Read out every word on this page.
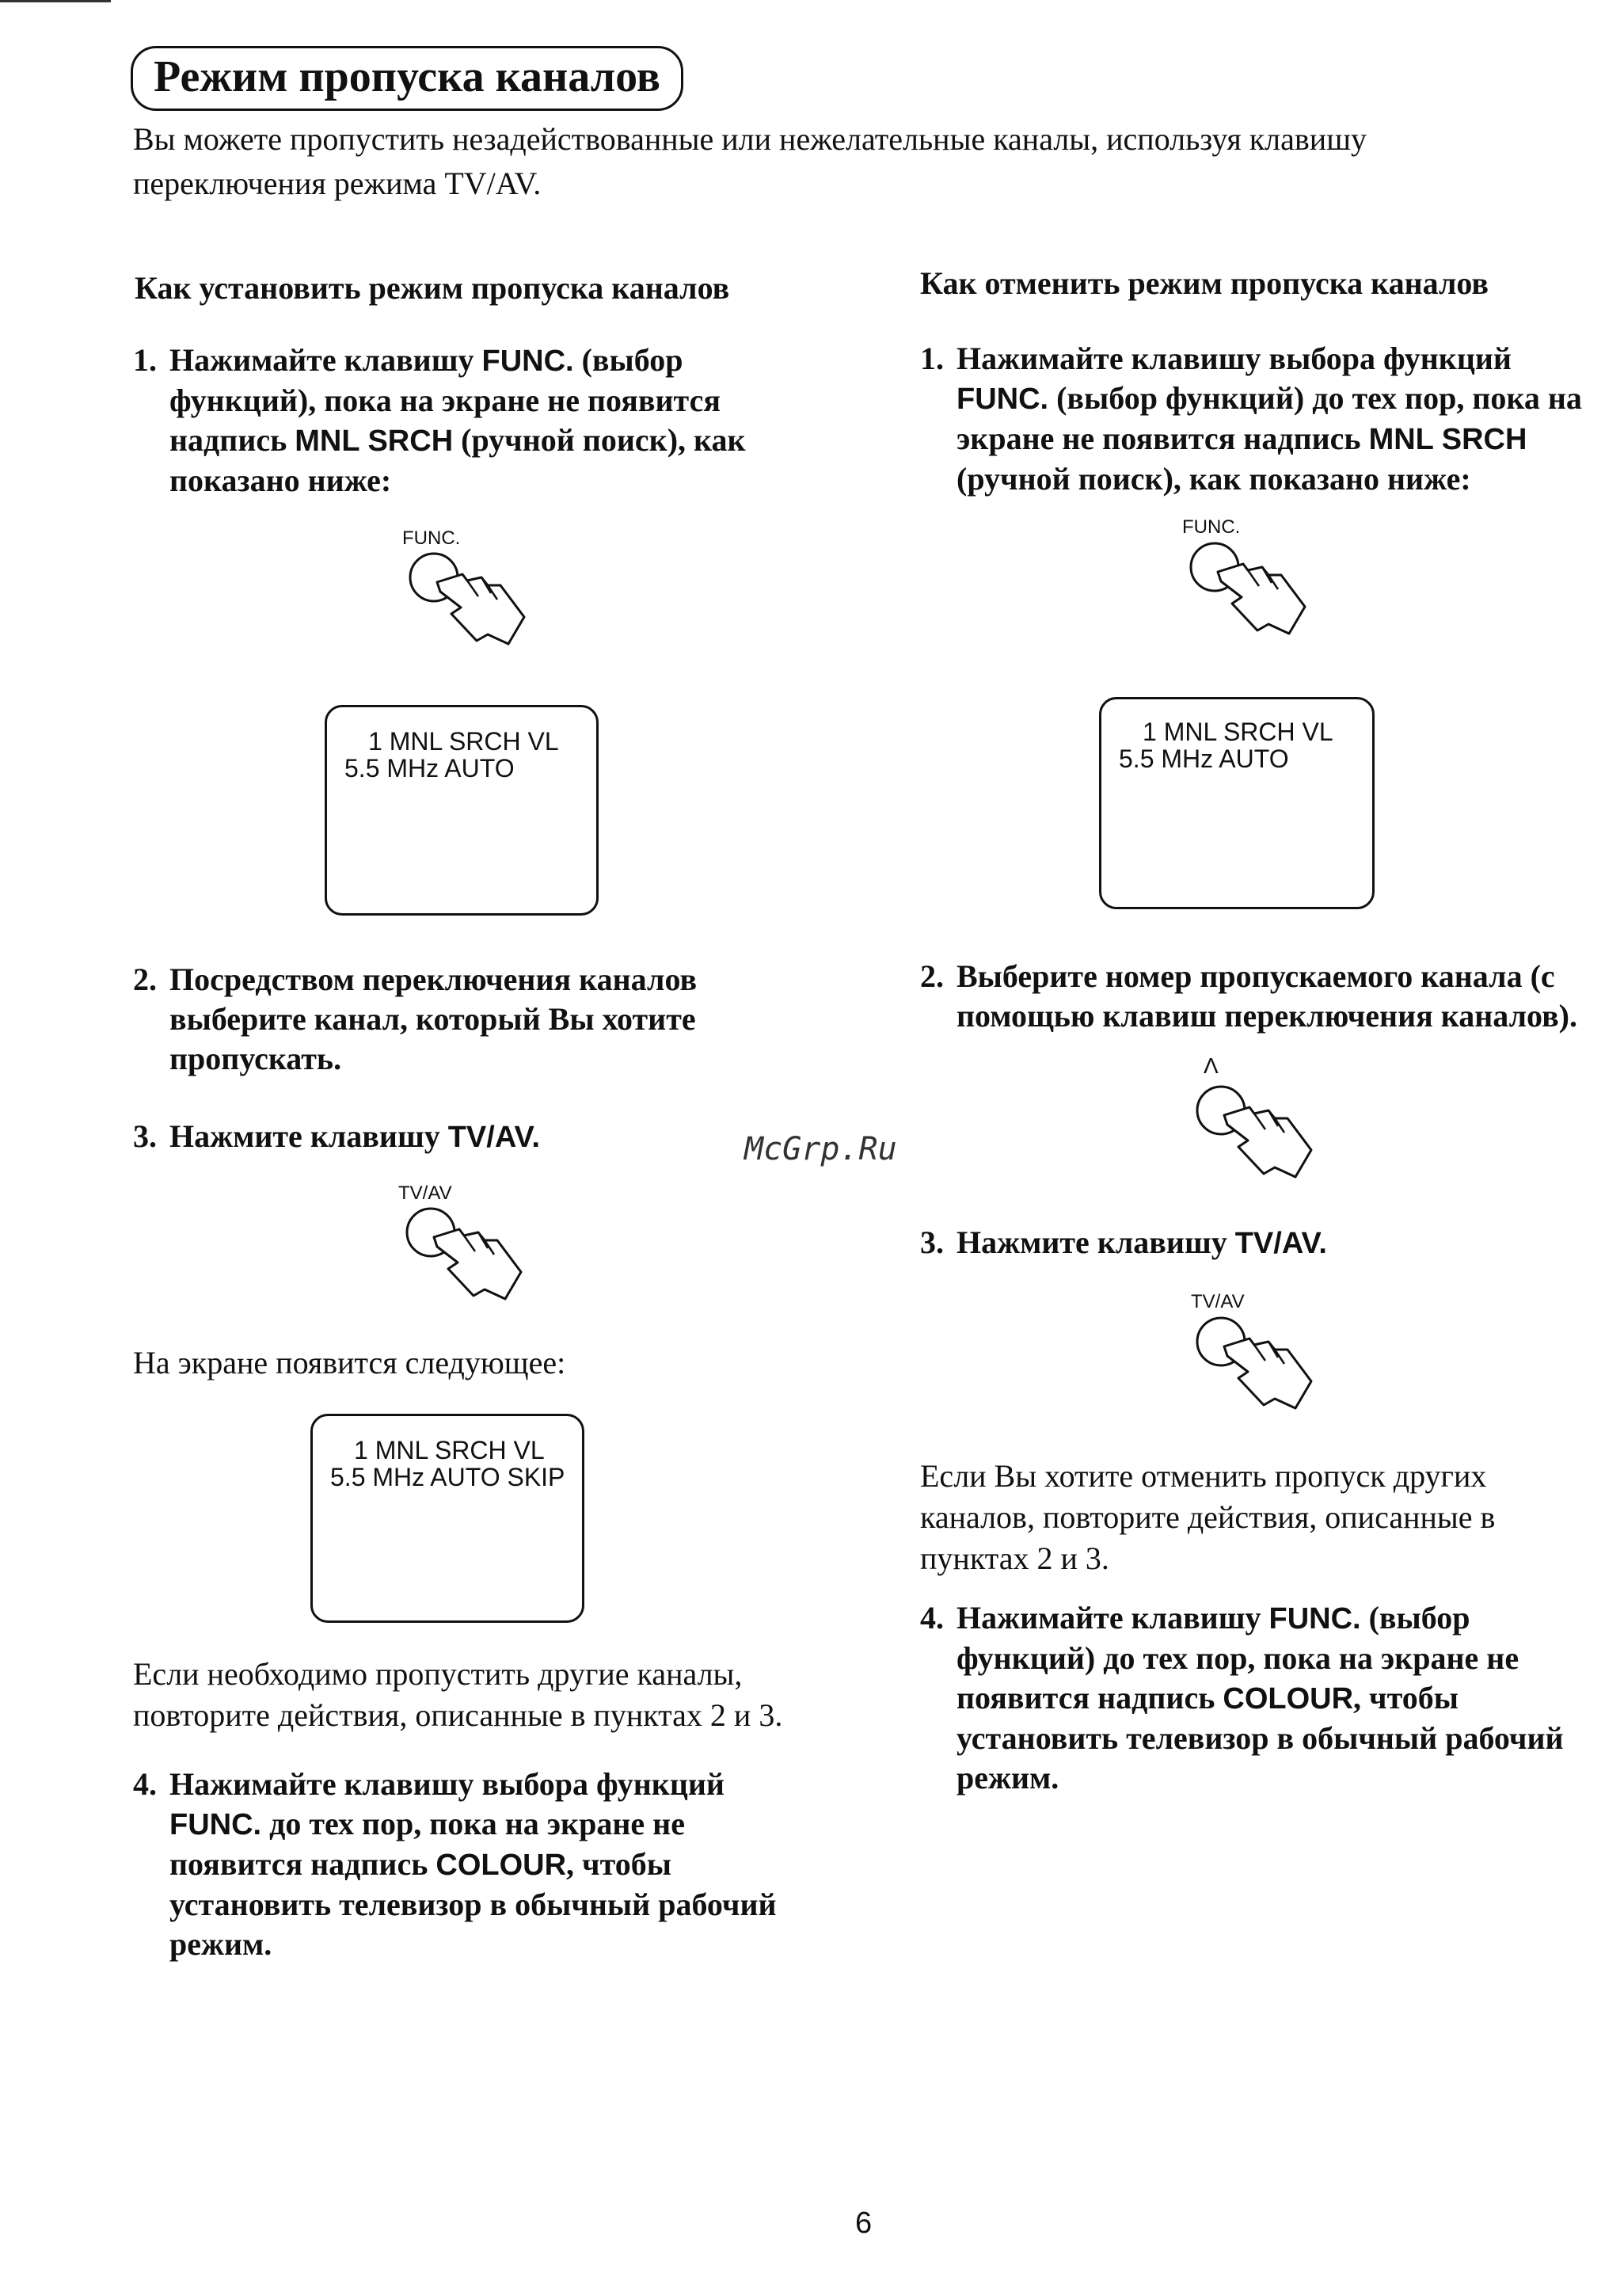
Режим пропуска каналов
Вы можете пропустить незадействованные или нежелательные каналы, используя клавишу переключения режима TV/AV.
Как установить режим пропуска каналов
1. Нажимайте клавишу FUNC. (выбор функций), пока на экране не появится надпись MNL SRCH (ручной поиск), как показано ниже:
FUNC.
1 MNL SRCH VL
5.5 MHz AUTO
2. Посредством переключения каналов выберите канал, который Вы хотите пропускать.
3. Нажмите клавишу TV/AV.
TV/AV
На экране появится следующее:
1 MNL SRCH VL
5.5 MHz AUTO SKIP
Если необходимо пропустить другие каналы, повторите действия, описанные в пунктах 2 и 3.
4. Нажимайте клавишу выбора функций FUNC. до тех пор, пока на экране не появится надпись COLOUR, чтобы установить телевизор в обычный рабочий режим.
McGrp.Ru
Как отменить режим пропуска каналов
1. Нажимайте клавишу выбора функций FUNC. (выбор функций) до тех пор, пока на экране не появится надпись MNL SRCH (ручной поиск), как показано ниже:
FUNC.
1 MNL SRCH VL
5.5 MHz AUTO
2. Выберите номер пропускаемого канала (с помощью клавиш переключения каналов).
Λ
3. Нажмите клавишу TV/AV.
TV/AV
Если Вы хотите отменить пропуск других каналов, повторите действия, описанные в пунктах 2 и 3.
4. Нажимайте клавишу FUNC. (выбор функций) до тех пор, пока на экране не появится надпись COLOUR, чтобы установить телевизор в обычный рабочий режим.
6
